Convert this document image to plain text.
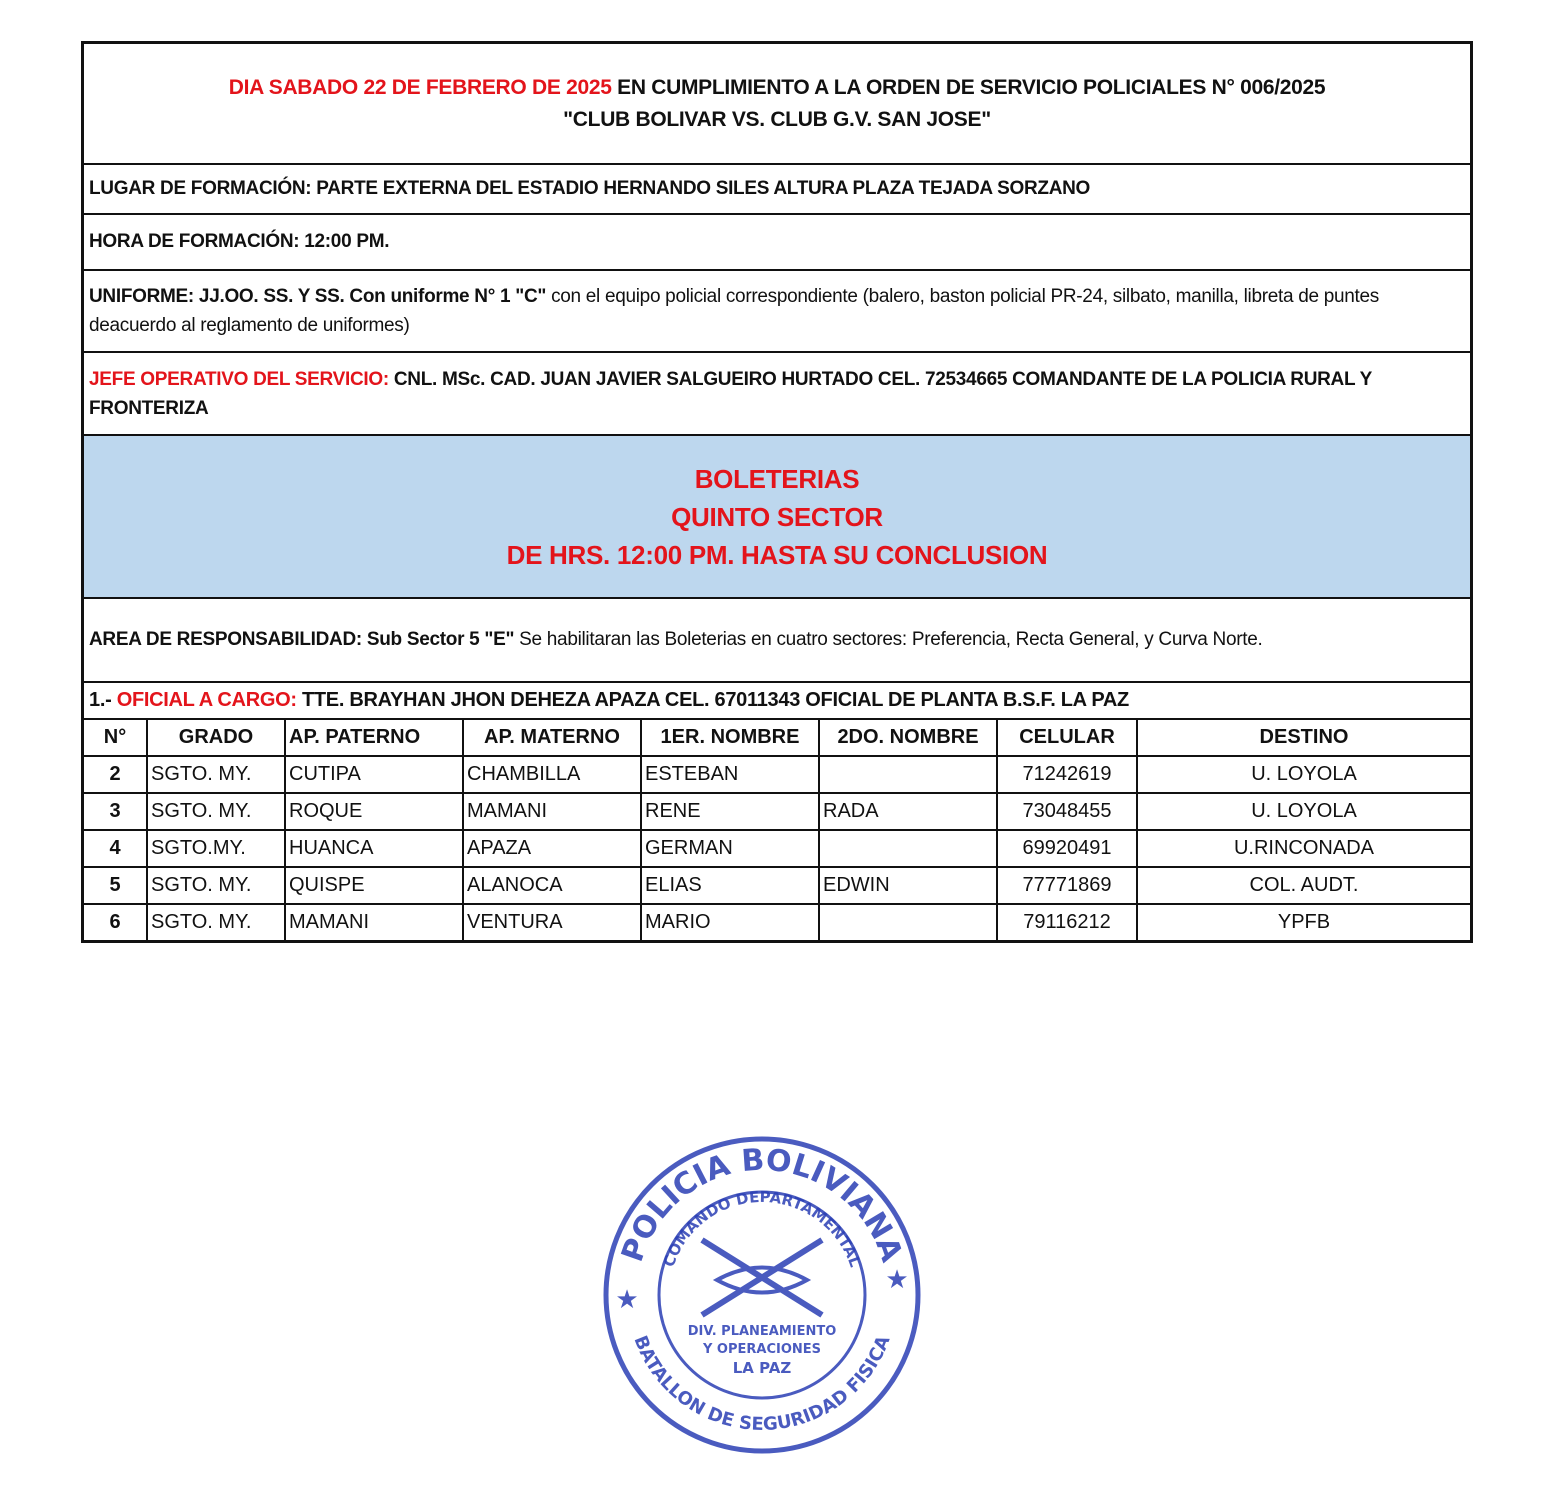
DIA SABADO 22 DE FEBRERO DE 2025 EN CUMPLIMIENTO A LA ORDEN DE SERVICIO POLICIALES N° 006/2025
"CLUB BOLIVAR VS. CLUB G.V. SAN JOSE"
LUGAR DE FORMACIÓN: PARTE EXTERNA DEL ESTADIO HERNANDO SILES ALTURA PLAZA TEJADA SORZANO
HORA DE FORMACIÓN: 12:00 PM.
UNIFORME: JJ.OO. SS. Y SS. Con uniforme N° 1 "C" con el equipo policial correspondiente (balero, baston policial PR-24, silbato, manilla, libreta de puntes deacuerdo al reglamento de uniformes)
JEFE OPERATIVO DEL SERVICIO: CNL. MSc. CAD. JUAN JAVIER SALGUEIRO HURTADO CEL. 72534665 COMANDANTE DE LA POLICIA RURAL Y FRONTERIZA
BOLETERIAS
QUINTO SECTOR
DE HRS. 12:00 PM. HASTA SU CONCLUSION
AREA DE RESPONSABILIDAD: Sub Sector 5 "E" Se habilitaran las Boleterias en cuatro sectores: Preferencia, Recta General, y Curva Norte.
1.- OFICIAL A CARGO: TTE. BRAYHAN JHON DEHEZA APAZA CEL. 67011343 OFICIAL DE PLANTA B.S.F. LA PAZ
N°	GRADO	AP. PATERNO	AP. MATERNO	1ER. NOMBRE	2DO. NOMBRE	CELULAR	DESTINO
2	SGTO. MY.	CUTIPA	CHAMBILLA	ESTEBAN		71242619	U. LOYOLA
3	SGTO. MY.	ROQUE	MAMANI	RENE	RADA	73048455	U. LOYOLA
4	SGTO.MY.	HUANCA	APAZA	GERMAN		69920491	U.RINCONADA
5	SGTO. MY.	QUISPE	ALANOCA	ELIAS	EDWIN	77771869	COL. AUDT.
6	SGTO. MY.	MAMANI	VENTURA	MARIO		79116212	YPFB
POLICIA BOLIVIANA
BATALLON DE SEGURIDAD FISICA
COMANDO DEPARTAMENTAL
DIV. PLANEAMIENTO
Y OPERACIONES
LA PAZ
★
★
